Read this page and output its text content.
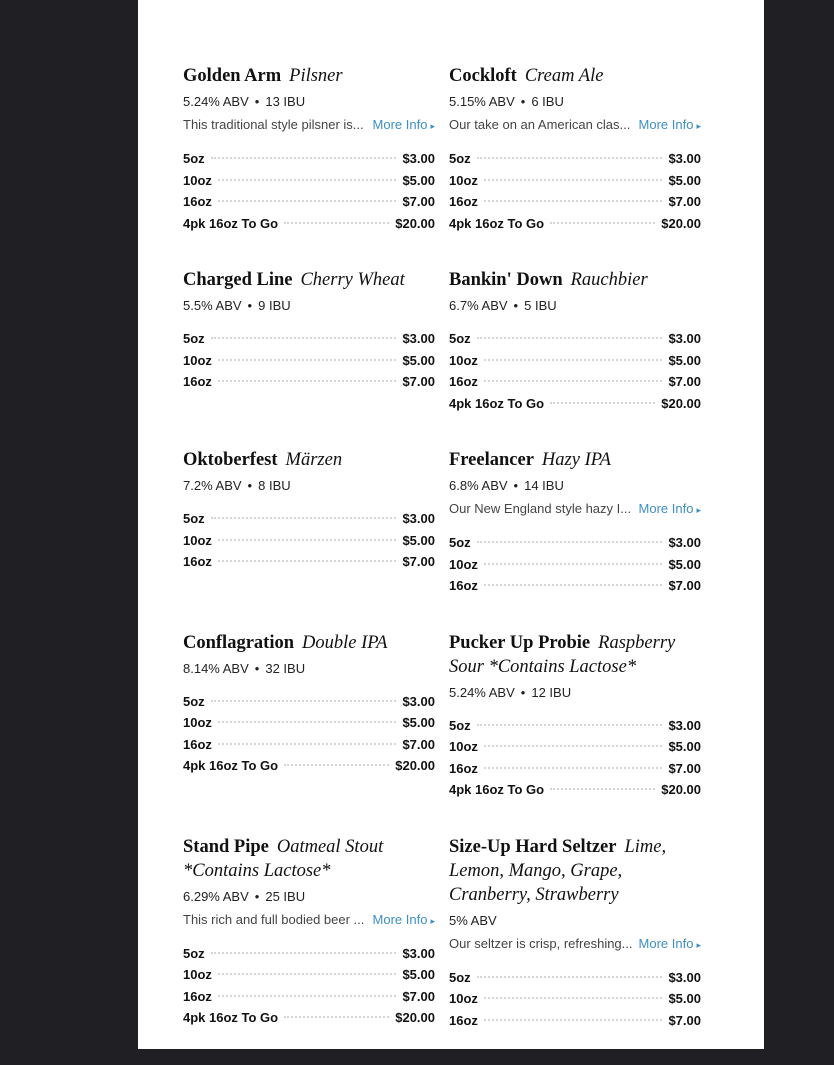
Golden Arm Pilsner
5.24% ABV • 13 IBU
This traditional style pilsner is... More Info ▸
5oz	$3.00
10oz	$5.00
16oz	$7.00
4pk 16oz To Go	$20.00
Cockloft Cream Ale
5.15% ABV • 6 IBU
Our take on an American clas... More Info ▸
5oz	$3.00
10oz	$5.00
16oz	$7.00
4pk 16oz To Go	$20.00
Charged Line Cherry Wheat
5.5% ABV • 9 IBU
5oz	$3.00
10oz	$5.00
16oz	$7.00
Bankin' Down Rauchbier
6.7% ABV • 5 IBU
5oz	$3.00
10oz	$5.00
16oz	$7.00
4pk 16oz To Go	$20.00
Oktoberfest Märzen
7.2% ABV • 8 IBU
5oz	$3.00
10oz	$5.00
16oz	$7.00
Freelancer Hazy IPA
6.8% ABV • 14 IBU
Our New England style hazy I... More Info ▸
5oz	$3.00
10oz	$5.00
16oz	$7.00
Conflagration Double IPA
8.14% ABV • 32 IBU
5oz	$3.00
10oz	$5.00
16oz	$7.00
4pk 16oz To Go	$20.00
Pucker Up Probie Raspberry Sour *Contains Lactose*
5.24% ABV • 12 IBU
5oz	$3.00
10oz	$5.00
16oz	$7.00
4pk 16oz To Go	$20.00
Stand Pipe Oatmeal Stout *Contains Lactose*
6.29% ABV • 25 IBU
This rich and full bodied beer ... More Info ▸
5oz	$3.00
10oz	$5.00
16oz	$7.00
4pk 16oz To Go	$20.00
Size-Up Hard Seltzer Lime, Lemon, Mango, Grape, Cranberry, Strawberry
5% ABV
Our seltzer is crisp, refreshing... More Info ▸
5oz	$3.00
10oz	$5.00
16oz	$7.00
